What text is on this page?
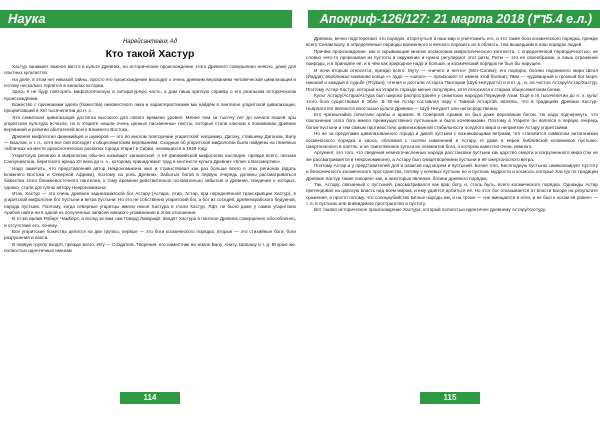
Наука	Апокриф-126/127: 21 марта 2018 (٣٦5.4 е.л.)
Нарейсантевих Ад
Кто такой Хастур

Хастур занимает важное место в культе Древних, но исторические происхождение этого Древнего совершенно неясно, даже для опытных культистов.

На деле, в этом нет никакой тайны, просто его происхождение восходит к очень древним верованиям человеческой цивилизации и потому несколько теряется в анналах истории.

Здесь я не буду повторять мифологическую и литературную часть, а дам лишь краткую справку о его реальном историческом происхождении.

Божество с признаками адепа (божества) неизвестного лика и характеристиками мы найдём в пантеоне угаритской цивилизации, процветавшей в XIII тысячелетии до н. э.

Эта семитская цивилизация достигла высокого для своего времени уровня. Менее чем за тысячу лет до начала нашей эры угаритская культура исчезла, но в Угарите нашли очень ценные письменные тексты, которые стали ключом к пониманию древних верований и религии обитателей всего Ближнего Востока.

Древняя мифология финикийцев и шумеров — это во многом повторение угаритской: например, Дагону, ставшему Дагоном, Балу — Баалом, и т. п., хотя все они восходят к общесемитским верованиям. Сходные об угаритской мифологии были найдены на глиняных табличках на месте археологических раскопок города Угарит в Сирии, начавшихся в 1929 году.

Угаритскую религию и мифологию обычно называют ханаанской. А её финикийской мифологии наследие, прежде всего, письма Санхуниатона, беритского жреца XII века до н. э., которому принадлежит труд в контексте культа Древних «Ключ к Бессмертию».

Надо заметить, что представлений автор Некрономикона жил и странствовал как раз больше всего в этих регионах (вдоль Ближнего Востока и Северной Африки), поэтому на роль Древних, Забытых богов в первую очередь должны рассматриваться божества этого ближневосточного пантеона, к тому времени действительно основательно забытые и древние, сведения о которых, однако, стали доступны автору Некрономикона.

Итак, Хастур — это очень древнее заднеазиатской бог Астару (Астара, Атир, Астар, при определённой транскрипции Хастур), в угаритской мифологии бог пустыни и ветра пустыни. Но это не собственно угаритский бог, а бог из соседей, древнеарабского бедуинов, народа пустыни. Поэтому, когда северные угаритцы имели некое Хастура и стали Хастур, Яфт, не было даже у самих угаритских Арабов найти ни в одной из полученных записей никакого упоминания в этом отношении.

В то же время Роберт Чамберс, а вслед за ним сам Говард Лавкрафт, вводят Хастура в пантеон Древних совершенно обособленно, и отсутствие его, почему.

Все угаритские божества делятся на две группы, первые — это боги космического порядка, вторые — это стихийные боги, боги разрушения и хаоса.

В первую группу входят, прежде всего, Илу — Создатель Творения, его наместник на земле Балу, Анату, Шапашу и т. д. Вторые же, полностью идентичные именам

Древних, вечно подстерегают это порядок, вторгнуться в наш мир и уничтожить его, и это такие боги космического порядка, прежде всего Силам Балу, в определённые периоды временного и вечного поразить их в область, тем вышедшим в наш порядок людей.

Причём происхождение, как и скрывающие многие космогонии мифологического контекста, с определённой периодичностью, не словно чего-то прорезывая из пустоты в окружение и нужно регулируют этот ритм. Ритм — это не своеобразие, а лишь отражение природы, и в принципе её, и в чём как природное надо и больше, и космический порядок не был бы нарушен.

И ночи вторым относятся, прежде всего: Муту — «ничего и ничто» (Мот-Салем); его порядок, богини подземного мира Шеол (Йадда); верблюжье название конца «» аудо — «шеол» — произошёл от имени этой богини); Ямм — чудовищный и грозный бог моря, никакой и каждый в судьбе (Ятуван); чтения и ростали Астарта Пантарии (Шуб-Нигураттх) и в кт. д., и, на честно Астару/Астар/Хастур. Поэтому Астар-Хастур, который на Угарите гораздо менее популярен, хотя относился к старым общесемитским богам.

Культ Астару/Астара/Астура был широко распространён у семитских народов Передней Азии. Ещё в III тысячелетии до н. э. культ этого бога существовал в Эбле. В 36-ом Астар составлял пару с Тавмой Астартой, являясь, что в традициях Древних Хастур-Ньярлатотеп являются ипостасью культа Древних — Шуб-Нигуратт или непосредственно.

Его чрезвычайно почитали арабы и арамеи. В Северной Аравии он был даже верховным богом. Но надо подчеркнуть, что поклонение этого бога имело преимущественно пустынные и было кочевниками. Поэтому в Угарите он являлся в первую очередь богом пустыни и тем самым противостоял цивилизованной стабильности оседлого мира и неприятие Астару угаритскими.

Но не за пределами цивилизованного города и дикой пустыни с возникающими ветрами, что становится символом антагонизма космического порядка и хаоса, обломков с тысячи изменений в Астару. И даже в евреи библейской кочевников пустыню, смертоносного в лаптях, и не таинственное культа их элементов бога, о котором известно очень немного.

Аргумент, это того, что сведения немногочисленных народа расстановки пустыни как царство смерти и погрузненного мира (так не же рассматривается в Некрономиконе), а Астару был олицетворением пустыни и её смертоносного ветра.

Поэтому Астар и у представителей для и оазисов над морем и пустыней. Более того, Бесплодную пустыню символизирует пустоту и бесконечность космического пространства, потому у кочевых пустынь не и пустынь мудрости и космоса, которые Хастур по традиции Древних Хастур также покоряет как, и некоторые явления, богини древнего порядка.

Так, Астару, связанный с пустыней, рассматривался как враг богу, и, столь быть, всего космического порядка. Однажды Астар претендовал на царскую власть над всем миром, и ему удаётся добиться её. Но этот бог отказывается от власти вскоре на результате сражения, и просто потому, что солнцеубийство Бёлые народы им, и на троне — «не вмещается в ноги, и не был к ногам её равен» — т. е. в пустыню или вневидимое пространство и пустоту.

Вот таково историческое происхождение Хастура, который полностью идентичен древнему Астару/Хастуру.

114	115
